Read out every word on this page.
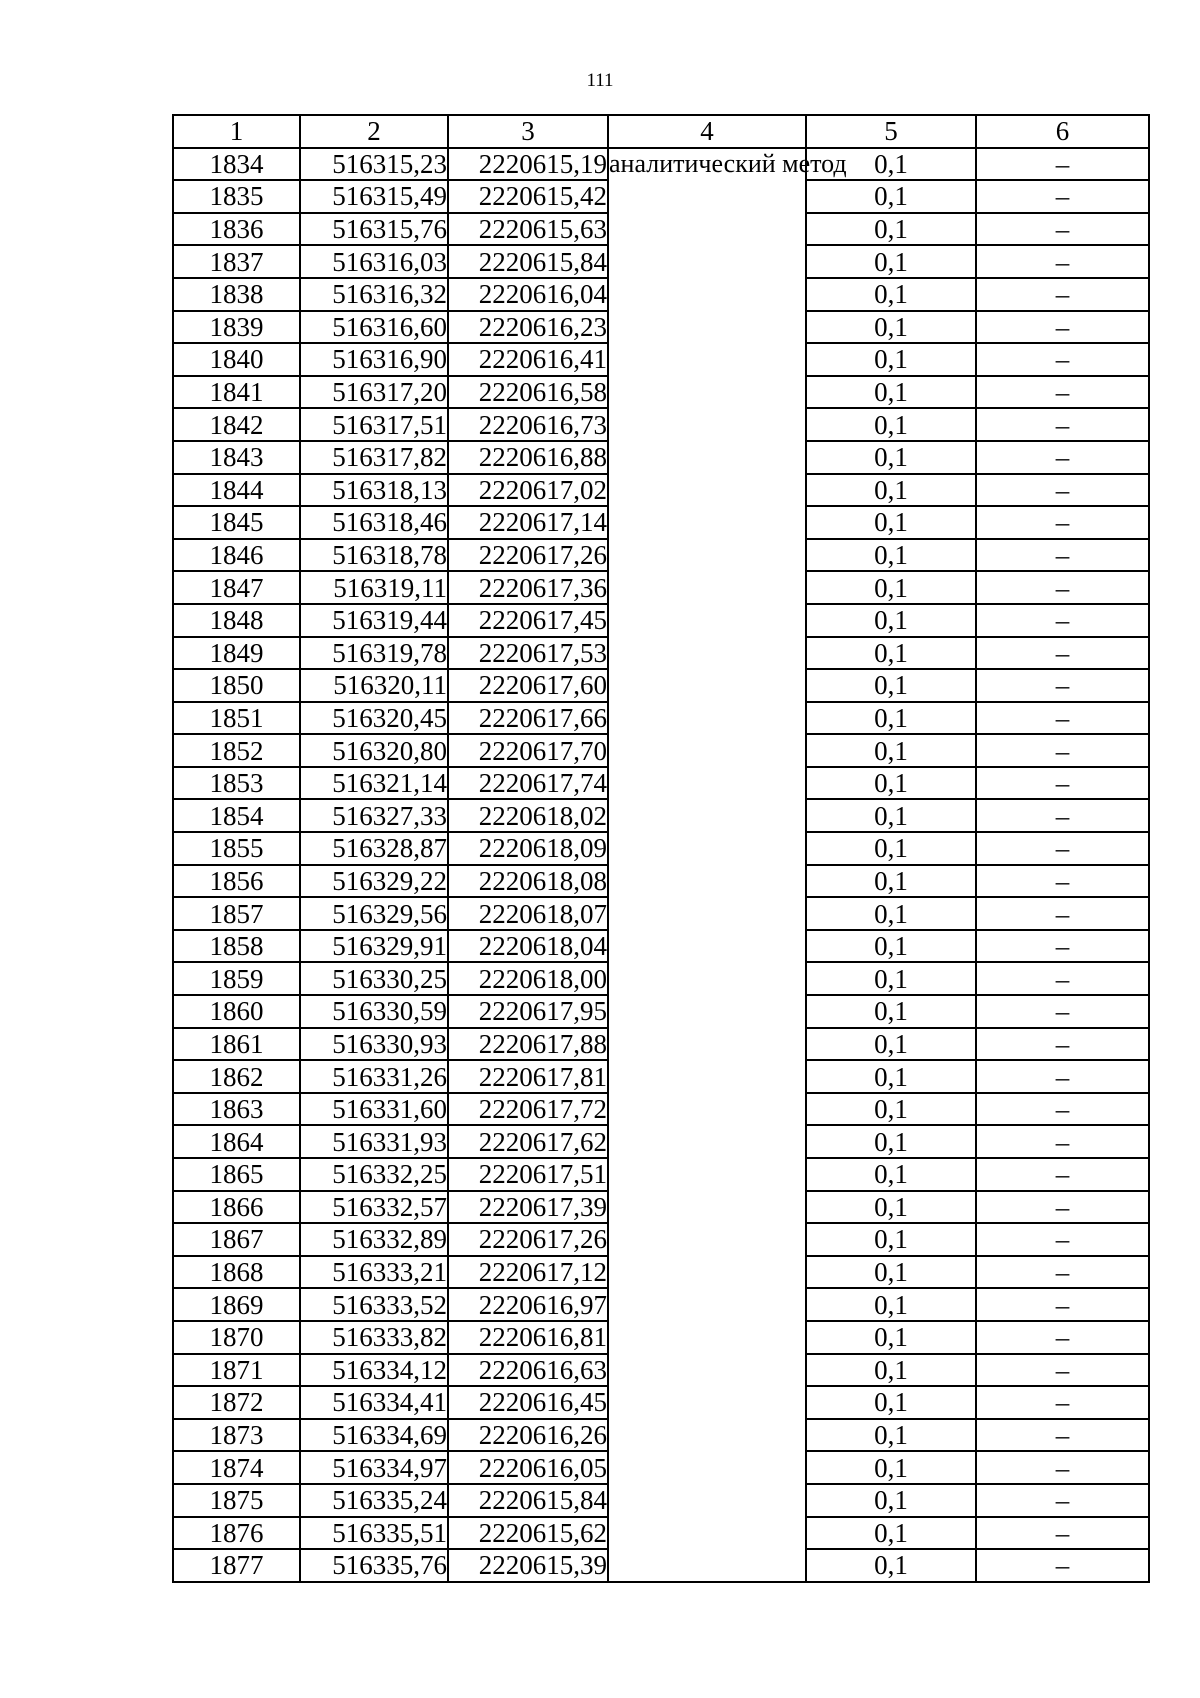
111
1	2	3	4	5	6
1834	516315,23	2220615,19	аналитический метод	0,1	–
1835	516315,49	2220615,42		0,1	–
1836	516315,76	2220615,63		0,1	–
1837	516316,03	2220615,84		0,1	–
1838	516316,32	2220616,04		0,1	–
1839	516316,60	2220616,23		0,1	–
1840	516316,90	2220616,41		0,1	–
1841	516317,20	2220616,58		0,1	–
1842	516317,51	2220616,73		0,1	–
1843	516317,82	2220616,88		0,1	–
1844	516318,13	2220617,02		0,1	–
1845	516318,46	2220617,14		0,1	–
1846	516318,78	2220617,26		0,1	–
1847	516319,11	2220617,36		0,1	–
1848	516319,44	2220617,45		0,1	–
1849	516319,78	2220617,53		0,1	–
1850	516320,11	2220617,60		0,1	–
1851	516320,45	2220617,66		0,1	–
1852	516320,80	2220617,70		0,1	–
1853	516321,14	2220617,74		0,1	–
1854	516327,33	2220618,02		0,1	–
1855	516328,87	2220618,09		0,1	–
1856	516329,22	2220618,08		0,1	–
1857	516329,56	2220618,07		0,1	–
1858	516329,91	2220618,04		0,1	–
1859	516330,25	2220618,00		0,1	–
1860	516330,59	2220617,95		0,1	–
1861	516330,93	2220617,88		0,1	–
1862	516331,26	2220617,81		0,1	–
1863	516331,60	2220617,72		0,1	–
1864	516331,93	2220617,62		0,1	–
1865	516332,25	2220617,51		0,1	–
1866	516332,57	2220617,39		0,1	–
1867	516332,89	2220617,26		0,1	–
1868	516333,21	2220617,12		0,1	–
1869	516333,52	2220616,97		0,1	–
1870	516333,82	2220616,81		0,1	–
1871	516334,12	2220616,63		0,1	–
1872	516334,41	2220616,45		0,1	–
1873	516334,69	2220616,26		0,1	–
1874	516334,97	2220616,05		0,1	–
1875	516335,24	2220615,84		0,1	–
1876	516335,51	2220615,62		0,1	–
1877	516335,76	2220615,39		0,1	–
